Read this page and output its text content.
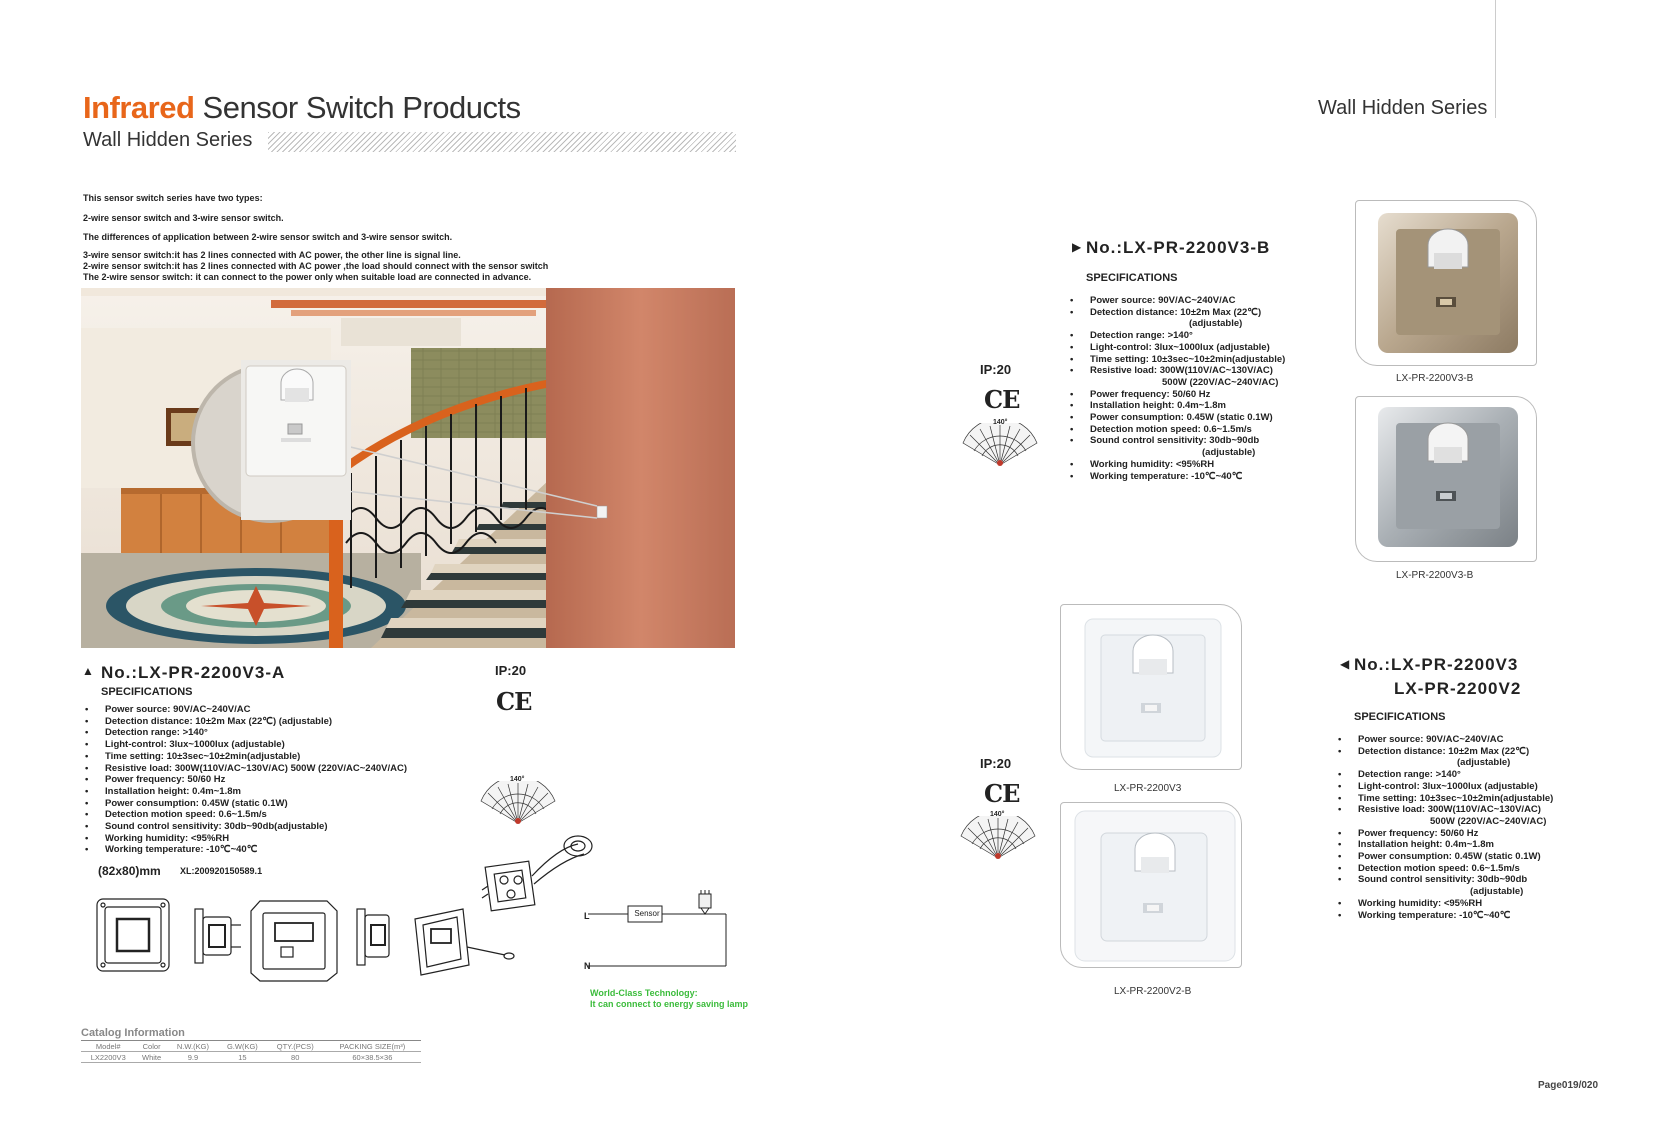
Infrared Sensor Switch Products
Wall Hidden Series
Wall Hidden Series
This sensor switch series have two types:
2-wire sensor switch and 3-wire sensor switch.
The differences of application between 2-wire sensor switch and 3-wire sensor switch.
3-wire sensor switch:it has 2 lines connected with AC power, the other line is signal line.
2-wire sensor switch:it has 2 lines connected with AC power ,the load should connect with the sensor switch
The 2-wire sensor switch: it can connect to the power only when suitable load are connected in advance.
▲ No.:LX-PR-2200V3-A
SPECIFICATIONS
IP:20
CE
• Power source: 90V/AC~240V/AC
• Detection distance: 10±2m Max (22℃) (adjustable)
• Detection range: >140°
• Light-control: 3lux~1000lux (adjustable)
• Time setting: 10±3sec~10±2min(adjustable)
• Resistive load: 300W(110V/AC~130V/AC) 500W (220V/AC~240V/AC)
• Power frequency: 50/60 Hz
• Installation height: 0.4m~1.8m
• Power consumption: 0.45W (static 0.1W)
• Detection motion speed: 0.6~1.5m/s
• Sound control sensitivity: 30db~90db(adjustable)
• Working humidity: <95%RH
• Working temperature: -10℃~40℃
(82x80)mm XL:200920150589.1
140°
L
N
Sensor
World-Class Technology:
It can connect to energy saving lamp
Catalog Information
Model#	Color	N.W.(KG)	G.W(KG)	QTY.(PCS)	PACKING SIZE(m³)
LX2200V3	White	9.9	15	80	60×38.5×36
▶ No.:LX-PR-2200V3-B
SPECIFICATIONS
• Power source: 90V/AC~240V/AC
• Detection distance: 10±2m Max (22℃)
(adjustable)
• Detection range: >140°
• Light-control: 3lux~1000lux (adjustable)
• Time setting: 10±3sec~10±2min(adjustable)
• Resistive load: 300W(110V/AC~130V/AC)
500W (220V/AC~240V/AC)
• Power frequency: 50/60 Hz
• Installation height: 0.4m~1.8m
• Power consumption: 0.45W (static 0.1W)
• Detection motion speed: 0.6~1.5m/s
• Sound control sensitivity: 30db~90db
(adjustable)
• Working humidity: <95%RH
• Working temperature: -10℃~40℃
IP:20
CE
140°
LX-PR-2200V3-B
LX-PR-2200V3-B
◀ No.:LX-PR-2200V3
LX-PR-2200V2
SPECIFICATIONS
• Power source: 90V/AC~240V/AC
• Detection distance: 10±2m Max (22℃)
(adjustable)
• Detection range: >140°
• Light-control: 3lux~1000lux (adjustable)
• Time setting: 10±3sec~10±2min(adjustable)
• Resistive load: 300W(110V/AC~130V/AC)
500W (220V/AC~240V/AC)
• Power frequency: 50/60 Hz
• Installation height: 0.4m~1.8m
• Power consumption: 0.45W (static 0.1W)
• Detection motion speed: 0.6~1.5m/s
• Sound control sensitivity: 30db~90db
(adjustable)
• Working humidity: <95%RH
• Working temperature: -10℃~40℃
IP:20
CE
140°
LX-PR-2200V3
LX-PR-2200V2-B
Page019/020
